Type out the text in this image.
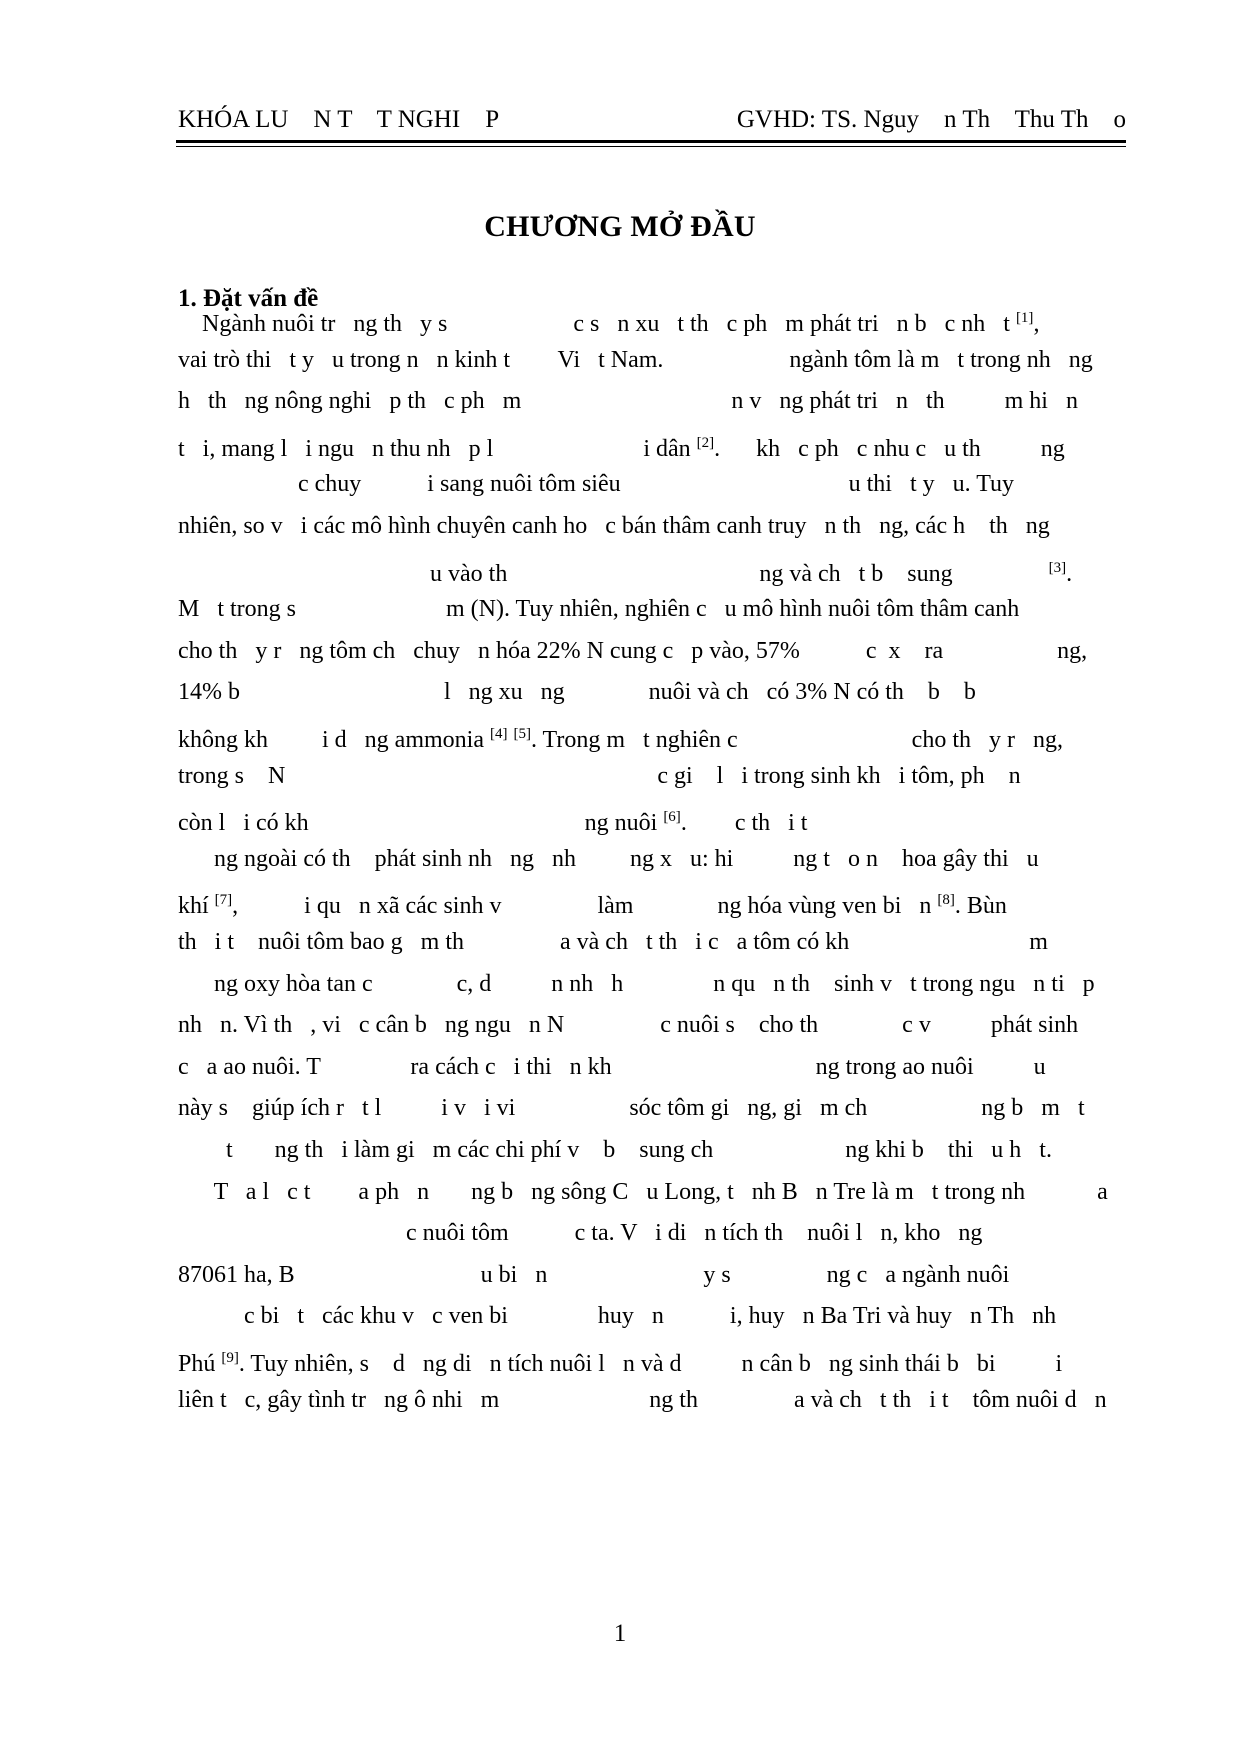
KHÓA LU    N T    T NGHI    P	GVHD: TS. Nguy    n Th    Thu Th    o
CHƯƠNG MỞ ĐẦU
1. Đặt vấn đề
Ngành nuôi tr   ng th   y s                     c s   n xu   t th   c ph   m phát tri   n b   c nh   t [1],
vai trò thi   t y   u trong n   n kinh t        Vi   t Nam.                     ngành tôm là m   t trong nh   ng
h   th   ng nông nghi   p th   c ph   m                                   n v   ng phát tri   n   th          m hi   n
t   i, mang l   i ngu   n thu nh   p l                         i dân [2].      kh   c ph   c nhu c   u th          ng
c chuy           i sang nuôi tôm siêu                                      u thi   t y   u. Tuy
nhiên, so v   i các mô hình chuyên canh ho   c bán thâm canh truy   n th   ng, các h    th   ng
u vào th                                          ng và ch   t b    sung                [3].
M   t trong s                         m (N). Tuy nhiên, nghiên c   u mô hình nuôi tôm thâm canh
cho th   y r   ng tôm ch   chuy   n hóa 22% N cung c   p vào, 57%           c  x    ra                   ng,
14% b                                  l   ng xu   ng              nuôi và ch   có 3% N có th    b    b
không kh         i d   ng ammonia [4] [5]. Trong m   t nghiên c                             cho th   y r   ng,
trong s    N                                                              c gi    l   i trong sinh kh   i tôm, ph    n
còn l   i có kh                                              ng nuôi [6].        c th   i t
ng ngoài có th    phát sinh nh   ng   nh         ng x   u: hi          ng t   o n    hoa gây thi   u
khí [7],           i qu   n xã các sinh v                làm              ng hóa vùng ven bi   n [8]. Bùn
th   i t    nuôi tôm bao g   m th                a và ch   t th   i c   a tôm có kh                              m
ng oxy hòa tan c              c, d          n nh   h               n qu   n th    sinh v   t trong ngu   n ti   p
nh   n. Vì th   , vi   c cân b   ng ngu   n N                c nuôi s    cho th              c v          phát sinh
c   a ao nuôi. T               ra cách c   i thi   n kh                                  ng trong ao nuôi          u
này s    giúp ích r   t l          i v   i vi                   sóc tôm gi   ng, gi   m ch                   ng b   m   t
t       ng th   i làm gi   m các chi phí v    b    sung ch                      ng khi b    thi   u h   t.
T   a l   c t        a ph   n       ng b   ng sông C   u Long, t   nh B   n Tre là m   t trong nh            a
c nuôi tôm           c ta. V   i di   n tích th    nuôi l   n, kho   ng
87061 ha, B                               u bi   n                          y s                ng c   a ngành nuôi
c bi   t   các khu v   c ven bi               huy   n           i, huy   n Ba Tri và huy   n Th   nh
Phú [9]. Tuy nhiên, s    d   ng di   n tích nuôi l   n và d          n cân b   ng sinh thái b   bi          i
liên t   c, gây tình tr   ng ô nhi   m                         ng th                a và ch   t th   i t    tôm nuôi d   n
1
